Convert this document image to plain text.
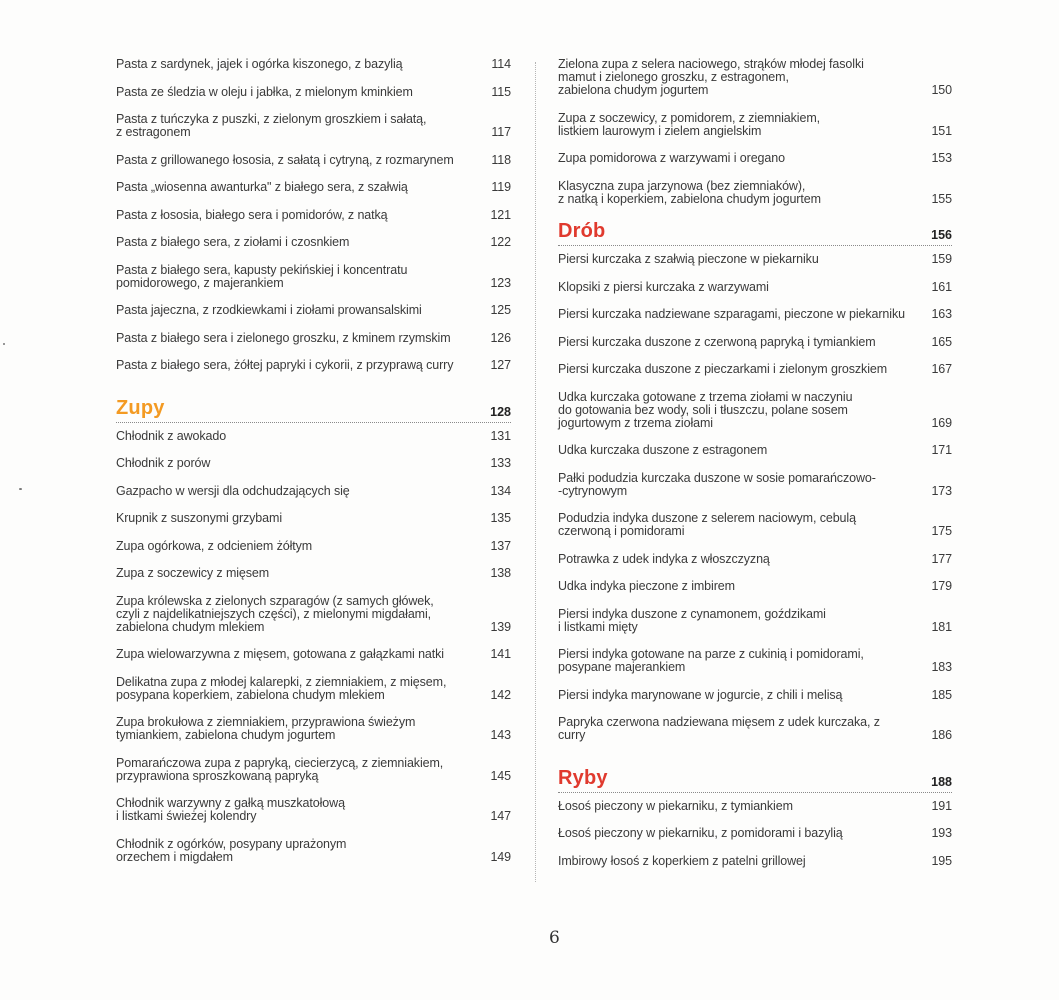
Pasta z sardynek, jajek i ogórka kiszonego, z bazylią	114
Pasta ze śledzia w oleju i jabłka, z mielonym kminkiem	115
Pasta z tuńczyka z puszki, z zielonym groszkiem i sałatą,
z estragonem	117
Pasta z grillowanego łososia, z sałatą i cytryną, z rozmarynem	118
Pasta „wiosenna awanturka" z białego sera, z szałwią	119
Pasta z łososia, białego sera i pomidorów, z natką	121
Pasta z białego sera, z ziołami i czosnkiem	122
Pasta z białego sera, kapusty pekińskiej i koncentratu
pomidorowego, z majerankiem	123
Pasta jajeczna, z rzodkiewkami i ziołami prowansalskimi	125
Pasta z białego sera i zielonego groszku, z kminem rzymskim	126
Pasta z białego sera, żółtej papryki i cykorii, z przyprawą curry	127
Zupy	128
Chłodnik z awokado	131
Chłodnik z porów	133
Gazpacho w wersji dla odchudzających się	134
Krupnik z suszonymi grzybami	135
Zupa ogórkowa, z odcieniem żółtym	137
Zupa z soczewicy z mięsem	138
Zupa królewska z zielonych szparagów (z samych główek,
czyli z najdelikatniejszych części), z mielonymi migdałami,
zabielona chudym mlekiem	139
Zupa wielowarzywna z mięsem, gotowana z gałązkami natki	141
Delikatna zupa z młodej kalarepki, z ziemniakiem, z mięsem,
posypana koperkiem, zabielona chudym mlekiem	142
Zupa brokułowa z ziemniakiem, przyprawiona świeżym
tymiankiem, zabielona chudym jogurtem	143
Pomarańczowa zupa z papryką, ciecierzycą, z ziemniakiem,
przyprawiona sproszkowaną papryką	145
Chłodnik warzywny z gałką muszkatołową
i listkami świeżej kolendry	147
Chłodnik z ogórków, posypany uprażonym
orzechem i migdałem	149
Zielona zupa z selera naciowego, strąków młodej fasolki
mamut i zielonego groszku, z estragonem,
zabielona chudym jogurtem	150
Zupa z soczewicy, z pomidorem, z ziemniakiem,
listkiem laurowym i zielem angielskim	151
Zupa pomidorowa z warzywami i oregano	153
Klasyczna zupa jarzynowa (bez ziemniaków),
z natką i koperkiem, zabielona chudym jogurtem	155
Drób	156
Piersi kurczaka z szałwią pieczone w piekarniku	159
Klopsiki z piersi kurczaka z warzywami	161
Piersi kurczaka nadziewane szparagami, pieczone w piekarniku	163
Piersi kurczaka duszone z czerwoną papryką i tymiankiem	165
Piersi kurczaka duszone z pieczarkami i zielonym groszkiem	167
Udka kurczaka gotowane z trzema ziołami w naczyniu
do gotowania bez wody, soli i tłuszczu, polane sosem
jogurtowym z trzema ziołami	169
Udka kurczaka duszone z estragonem	171
Pałki podudzia kurczaka duszone w sosie pomarańczowo-
-cytrynowym	173
Podudzia indyka duszone z selerem naciowym, cebulą
czerwoną i pomidorami	175
Potrawka z udek indyka z włoszczyzną	177
Udka indyka pieczone z imbirem	179
Piersi indyka duszone z cynamonem, goździkami
i listkami mięty	181
Piersi indyka gotowane na parze z cukinią i pomidorami,
posypane majerankiem	183
Piersi indyka marynowane w jogurcie, z chili i melisą	185
Papryka czerwona nadziewana mięsem z udek kurczaka, z curry	186
Ryby	188
Łosoś pieczony w piekarniku, z tymiankiem	191
Łosoś pieczony w piekarniku, z pomidorami i bazylią	193
Imbirowy łosoś z koperkiem z patelni grillowej	195
6
